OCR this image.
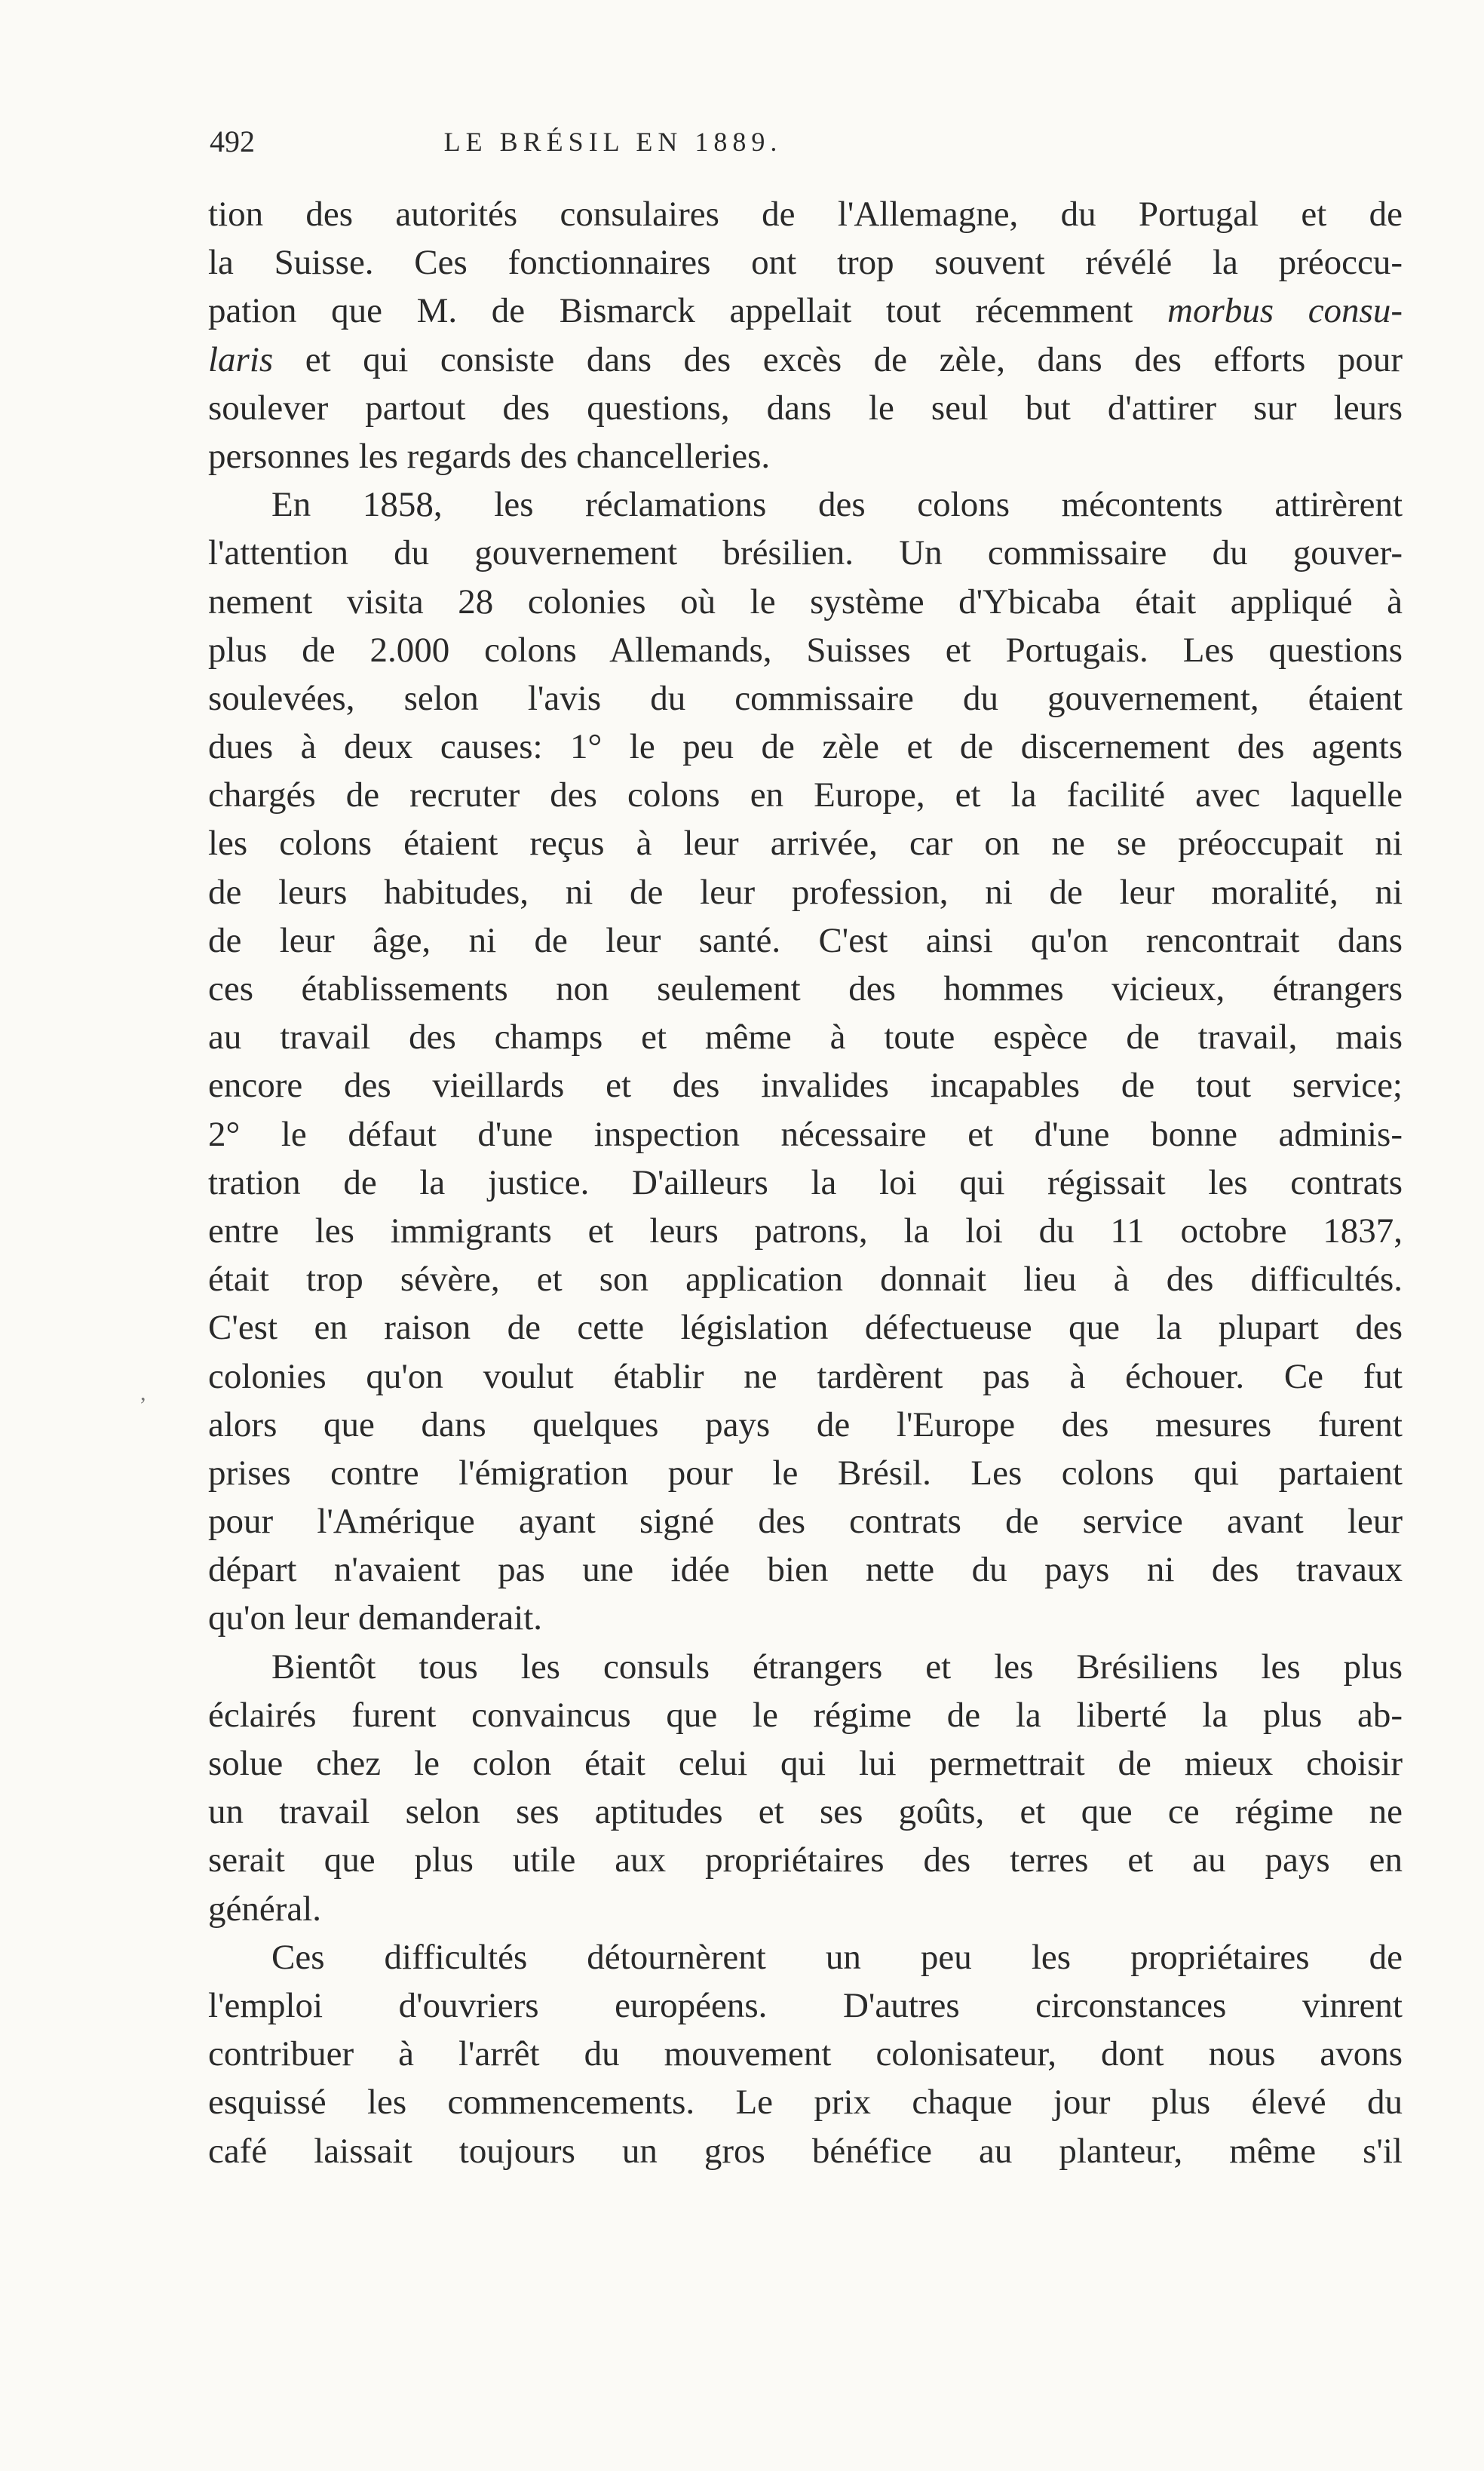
492	LE BRÉSIL EN 1889.
tion des autorités consulaires de l'Allemagne, du Portugal et de
la Suisse. Ces fonctionnaires ont trop souvent révélé la préoccu-
pation que M. de Bismarck appellait tout récemment morbus consu-
laris et qui consiste dans des excès de zèle, dans des efforts pour
soulever partout des questions, dans le seul but d'attirer sur leurs
personnes les regards des chancelleries.
En 1858, les réclamations des colons mécontents attirèrent
l'attention du gouvernement brésilien. Un commissaire du gouver-
nement visita 28 colonies où le système d'Ybicaba était appliqué à
plus de 2.000 colons Allemands, Suisses et Portugais. Les questions
soulevées, selon l'avis du commissaire du gouvernement, étaient
dues à deux causes: 1° le peu de zèle et de discernement des agents
chargés de recruter des colons en Europe, et la facilité avec laquelle
les colons étaient reçus à leur arrivée, car on ne se préoccupait ni
de leurs habitudes, ni de leur profession, ni de leur moralité, ni
de leur âge, ni de leur santé. C'est ainsi qu'on rencontrait dans
ces établissements non seulement des hommes vicieux, étrangers
au travail des champs et même à toute espèce de travail, mais
encore des vieillards et des invalides incapables de tout service;
2° le défaut d'une inspection nécessaire et d'une bonne adminis-
tration de la justice. D'ailleurs la loi qui régissait les contrats
entre les immigrants et leurs patrons, la loi du 11 octobre 1837,
était trop sévère, et son application donnait lieu à des difficultés.
C'est en raison de cette législation défectueuse que la plupart des
colonies qu'on voulut établir ne tardèrent pas à échouer. Ce fut
alors que dans quelques pays de l'Europe des mesures furent
prises contre l'émigration pour le Brésil. Les colons qui partaient
pour l'Amérique ayant signé des contrats de service avant leur
départ n'avaient pas une idée bien nette du pays ni des travaux
qu'on leur demanderait.
Bientôt tous les consuls étrangers et les Brésiliens les plus
éclairés furent convaincus que le régime de la liberté la plus ab-
solue chez le colon était celui qui lui permettrait de mieux choisir
un travail selon ses aptitudes et ses goûts, et que ce régime ne
serait que plus utile aux propriétaires des terres et au pays en
général.
Ces difficultés détournèrent un peu les propriétaires de
l'emploi d'ouvriers européens. D'autres circonstances vinrent
contribuer à l'arrêt du mouvement colonisateur, dont nous avons
esquissé les commencements. Le prix chaque jour plus élevé du
café laissait toujours un gros bénéfice au planteur, même s'il
,
